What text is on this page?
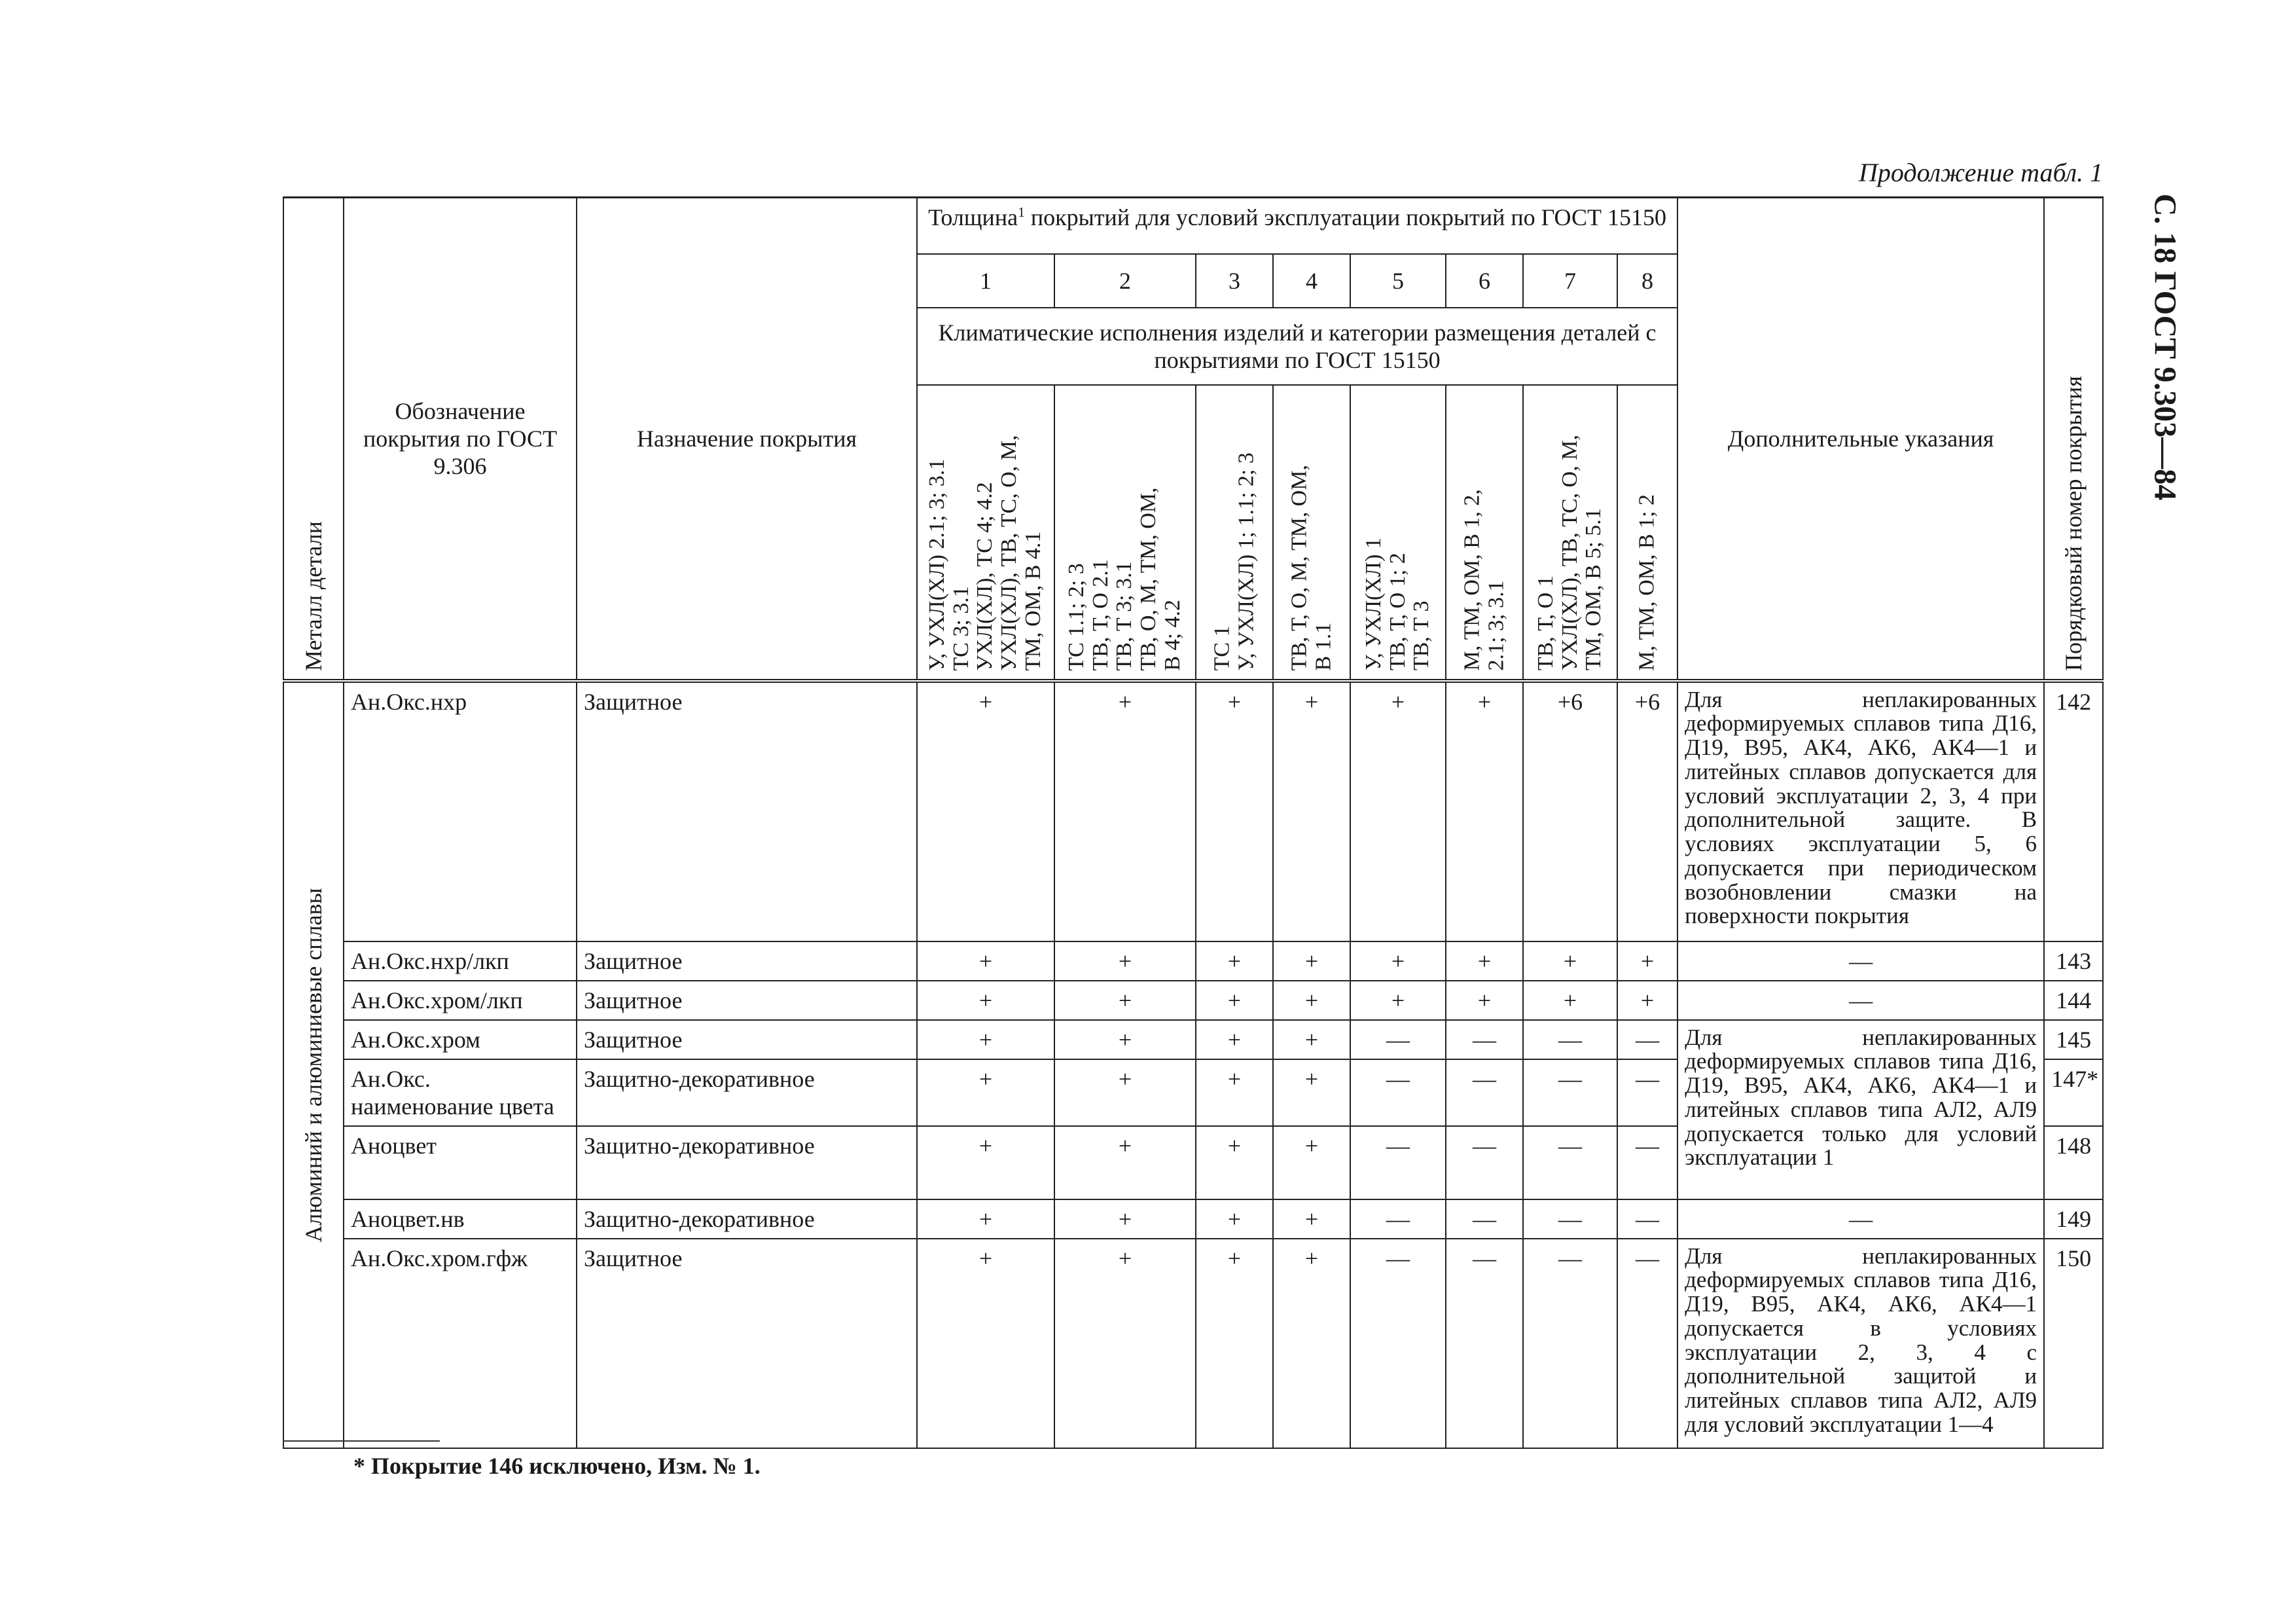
Продолжение табл. 1
С. 18 ГОСТ 9.303—84
Металл детали	Обозначение покрытия по ГОСТ 9.306	Назначение покрытия	Толщина$^1$ покрытий для условий эксплуатации покрытий по ГОСТ 15150								Дополнительные указания	Порядковый номер покрытия

			1	2	3	4	5	6	7	8		
			Климатические исполнения изделий и категории размещения деталей с покрытиями по ГОСТ 15150									

			У, УХЛ(ХЛ) 2.1; 3; 3.1
ТС 3; 3.1
УХЛ(ХЛ), ТС 4; 4.2
УХЛ(ХЛ), ТВ, ТС, О, М,
ТМ, ОМ, В 4.1	ТС 1.1; 2; 3
ТВ, Т, О 2.1
ТВ, Т 3; 3.1
ТВ, О, М, ТМ, ОМ,
В 4; 4.2	ТС 1
У, УХЛ(ХЛ) 1; 1.1; 2; 3	ТВ, Т, О, М, ТМ, ОМ,
В 1.1	У, УХЛ(ХЛ) 1
ТВ, Т, О 1; 2
ТВ, Т 3	М, ТМ, ОМ, В 1, 2,
2.1; 3; 3.1	ТВ, Т, О 1
УХЛ(ХЛ), ТВ, ТС, О, М,
ТМ, ОМ, В 5; 5.1	М, ТМ, ОМ, В 1; 2		

Алюминий и алюминиевые сплавы	Ан.Окс.нхр	Защитное	+	+	+	+	+	+	+6	+6	Для неплакированных деформируемых сплавов типа Д16, Д19, В95, АК4, АК6, АК4—1 и литейных сплавов допускается для условий эксплуатации 2, 3, 4 при дополнительной защите. В условиях эксплуатации 5, 6 допускается при периодическом возобновлении смазки на поверхности покрытия	142
	Ан.Окс.нхр/лкп	Защитное	+	+	+	+	+	+	+	+	—	143
	Ан.Окс.хром/лкп	Защитное	+	+	+	+	+	+	+	+	—	144
	Ан.Окс.хром	Защитное	+	+	+	+	—	—	—	—	Для неплакированных деформируемых сплавов типа Д16, Д19, В95, АК4, АК6, АК4—1 и литейных сплавов типа АЛ2, АЛ9 допускается только для условий эксплуатации 1	145
	Ан.Окс. наименование цвета	Защитно-декоративное	+	+	+	+	—	—	—	—		147*
	Аноцвет	Защитно-декоративное	+	+	+	+	—	—	—	—		148
	Аноцвет.нв	Защитно-декоративное	+	+	+	+	—	—	—	—	—	149
	Ан.Окс.хром.гфж	Защитное	+	+	+	+	—	—	—	—	Для неплакированных деформируемых сплавов типа Д16, Д19, В95, АК4, АК6, АК4—1 допускается в условиях эксплуатации 2, 3, 4 с дополнительной защитой и литейных сплавов типа АЛ2, АЛ9 для условий эксплуатации 1—4	150
* Покрытие 146 исключено, Изм. № 1.
